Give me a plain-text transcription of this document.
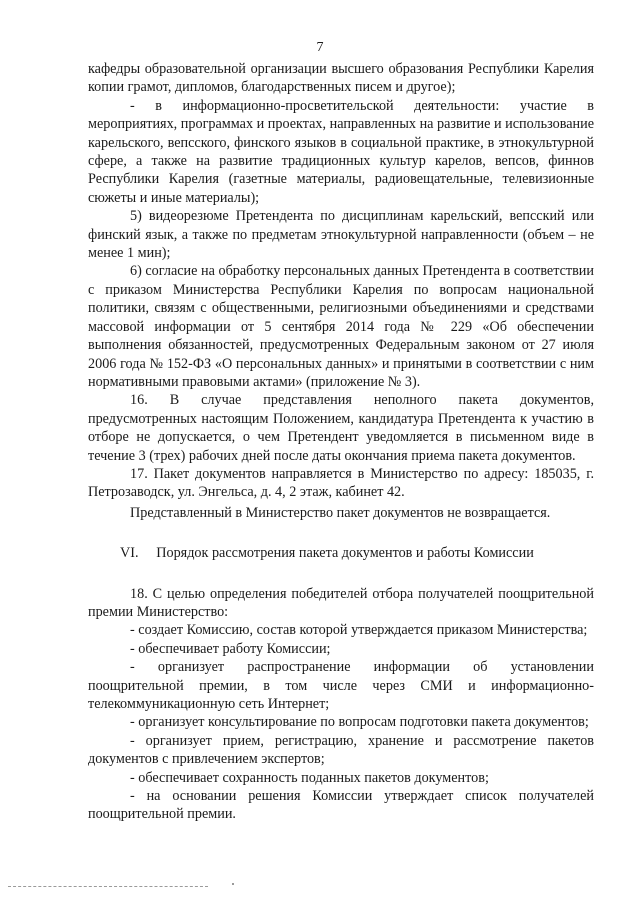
7

кафедры образовательной организации высшего образования Республики Карелия копии грамот, дипломов, благодарственных писем и другое);

- в информационно-просветительской деятельности: участие в мероприятиях, программах и проектах, направленных на развитие и использование карельского, вепсского, финского языков в социальной практике, в этнокультурной сфере, а также на развитие традиционных культур карелов, вепсов, финнов Республики Карелия (газетные материалы, радиовещательные, телевизионные сюжеты и иные материалы);

5) видеорезюме Претендента по дисциплинам карельский, вепсский или финский язык, а также по предметам этнокультурной направленности (объем – не менее 1 мин);

6) согласие на обработку персональных данных Претендента в соответствии с приказом Министерства Республики Карелия по вопросам национальной политики, связям с общественными, религиозными объединениями и средствами массовой информации от 5 сентября 2014 года № 229 «Об обеспечении выполнения обязанностей, предусмотренных Федеральным законом от 27 июля 2006 года № 152-ФЗ «О персональных данных» и принятыми в соответствии с ним нормативными правовыми актами» (приложение № 3).

16. В случае представления неполного пакета документов, предусмотренных настоящим Положением, кандидатура Претендента к участию в отборе не допускается, о чем Претендент уведомляется в письменном виде в течение 3 (трех) рабочих дней после даты окончания приема пакета документов.

17. Пакет документов направляется в Министерство по адресу: 185035, г. Петрозаводск, ул. Энгельса, д. 4, 2 этаж, кабинет 42.

Представленный в Министерство пакет документов не возвращается.

VI.     Порядок рассмотрения пакета документов и работы Комиссии

18. С целью определения победителей отбора получателей поощрительной премии Министерство:

- создает Комиссию, состав которой утверждается приказом Министерства;

- обеспечивает работу Комиссии;

- организует распространение информации об установлении поощрительной премии, в том числе через СМИ и информационно-телекоммуникационную сеть Интернет;

- организует консультирование по вопросам подготовки пакета документов;

- организует прием, регистрацию, хранение и рассмотрение пакетов документов с привлечением экспертов;

- обеспечивает сохранность поданных пакетов документов;

- на основании решения Комиссии утверждает список получателей поощрительной премии.
